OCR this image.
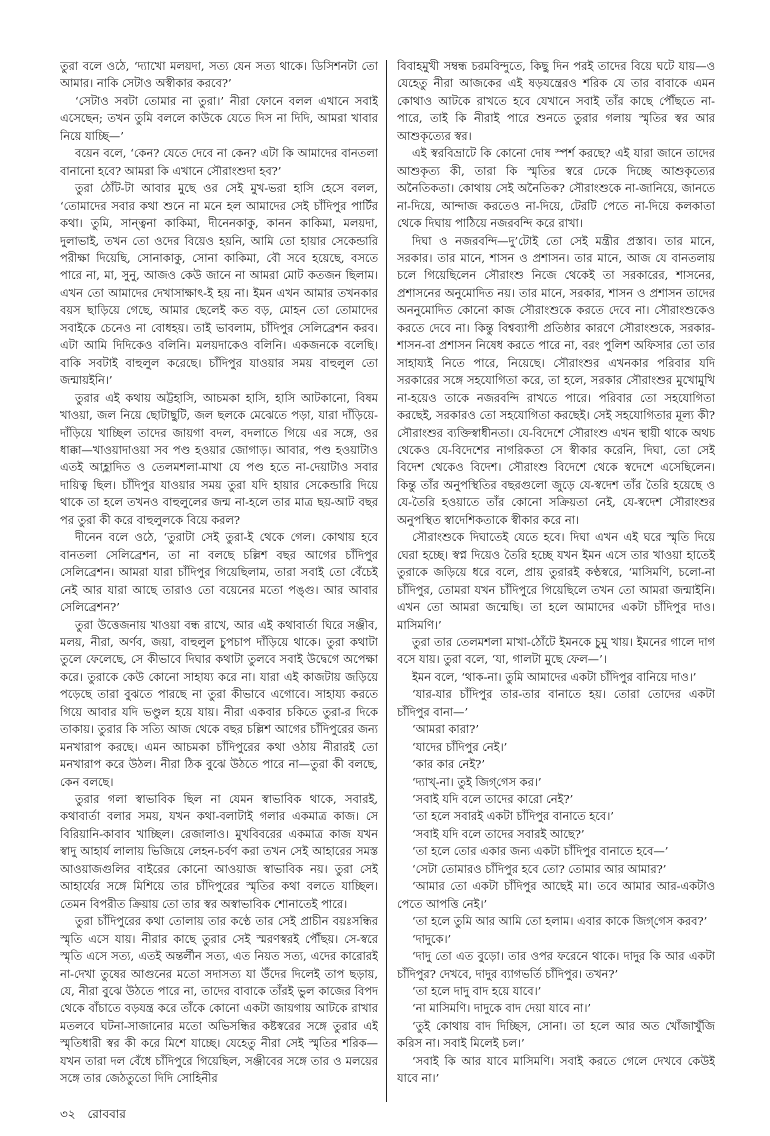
তুরা বলে ওঠে, ‘দ্যাখো মলয়দা, সত্য যেন সত্য থাকে। ডিসিশনটা তো আমার। নাকি সেটাও অস্বীকার করবে?’

‘সেটাও সবটা তোমার না তুরা।’ নীরা ফোনে বলল এখানে সবাই এসেছেন; তখন তুমি বললে কাউকে যেতে দিস না দিদি, আমরা খাবার নিয়ে যাচ্ছি—’

বয়েন বলে, ‘কেন? যেতে দেবে না কেন? এটা কি আমাদের বানতলা বানানো হবে? আমরা কি এখানে সৌরাংশুদা হব?’

তুরা ঠোঁট-টা আবার মুছে ওর সেই মুখ-ভরা হাসি হেসে বলল, ‘তোমাদের সবার কথা শুনে না মনে হল আমাদের সেই চাঁদিপুর পার্টির কথা। তুমি, সান্ত্বনা কাকিমা, দীনেনকাকু, কানন কাকিমা, মলয়দা, দুলাভাই, তখন তো ওদের বিয়েও হয়নি, আমি তো হায়ার সেকেন্ডারি পরীক্ষা দিয়েছি, সোনাকাকু, সোনা কাকিমা, বৌ সবে হয়েছে, বসতে পারে না, মা, সুনু, আজও কেউ জানে না আমরা মোট কতজন ছিলাম। এখন তো আমাদের দেখাসাক্ষাৎ-ই হয় না। ইমন এখন আমার তখনকার বয়স ছাড়িয়ে গেছে, আমার ছেলেই কত বড়, মোহন তো তোমাদের সবাইকে চেনেও না বোধহয়। তাই ভাবলাম, চাঁদিপুর সেলিব্রেশন করব। এটা আমি দিদিকেও বলিনি। মলয়দাকেও বলিনি। একজনকে বলেছি। বাকি সবটাই বাহুলুল করেছে। চাঁদিপুর যাওয়ার সময় বাহুলুল তো জন্মায়ইনি।’

তুরার এই কথায় অট্টহাসি, আচমকা হাসি, হাসি আটকানো, বিষম খাওয়া, জল নিয়ে ছোটাছুটি, জল ছলকে মেঝেতে পড়া, যারা দাঁড়িয়ে-দাঁড়িয়ে খাচ্ছিল তাদের জায়গা বদল, বদলাতে গিয়ে এর সঙ্গে, ওর ধাক্কা—খাওয়াদাওয়া সব পণ্ড হওয়ার জোগাড়। আবার, পণ্ড হওয়াটাও এতই আহ্লাদিত ও তেলমশলা-মাখা যে পণ্ড হতে না-দেয়াটাও সবার দায়িত্ব ছিল। চাঁদিপুর যাওয়ার সময় তুরা যদি হায়ার সেকেন্ডারি দিয়ে থাকে তা হলে তখনও বাহুলুলের জন্ম না-হলে তার মাত্র ছয়-আট বছর পর তুরা কী করে বাহুলুলকে বিয়ে করল?

দীনেন বলে ওঠে, ‘তুরাটা সেই তুরা-ই থেকে গেল। কোথায় হবে বানতলা সেলিব্রেশন, তা না বলছে চল্লিশ বছর আগের চাঁদিপুর সেলিব্রেশন। আমরা যারা চাঁদিপুর গিয়েছিলাম, তারা সবাই তো বেঁচেই নেই আর যারা আছে তারাও তো বয়েনের মতো পঙ্গু। আর আবার সেলিব্রেশন?’

তুরা উত্তেজনায় খাওয়া বন্ধ রাখে, আর এই কথাবার্তা ঘিরে সঞ্জীব, মলয়, নীরা, অর্ণব, জয়া, বাহুলুল চুপচাপ দাঁড়িয়ে থাকে। তুরা কথাটা তুলে ফেলেছে, সে কীভাবে দিঘার কথাটা তুলবে সবাই উদ্বেগে অপেক্ষা করে। তুরাকে কেউ কোনো সাহায্য করে না। যারা এই কাজটায় জড়িয়ে পড়েছে তারা বুঝতে পারছে না তুরা কীভাবে এগোবে। সাহায্য করতে গিয়ে আবার যদি ভণ্ডুল হয়ে যায়। নীরা একবার চকিতে তুরা-র দিকে তাকায়। তুরার কি সত্যি আজ থেকে বছর চল্লিশ আগের চাঁদিপুরের জন্য মনখারাপ করছে। এমন আচমকা চাঁদিপুরের কথা ওঠায় নীরারই তো মনখারাপ করে উঠল। নীরা ঠিক বুঝে উঠতে পারে না—তুরা কী বলছে, কেন বলছে।

তুরার গলা স্বাভাবিক ছিল না যেমন স্বাভাবিক থাকে, সবারই, কথাবার্তা বলার সময়, যখন কথা-বলাটাই গলার একমাত্র কাজ। সে বিরিয়ানি-কাবাব খাচ্ছিল। রেজালাও। মুখবিবরের একমাত্র কাজ যখন স্বাদু আহার্য লালায় ভিজিয়ে লেহন-চর্বণ করা তখন সেই আহারের সমস্ত আওয়াজগুলির বাইরের কোনো আওয়াজ স্বাভাবিক নয়। তুরা সেই আহার্যের সঙ্গে মিশিয়ে তার চাঁদিপুরের স্মৃতির কথা বলতে যাচ্ছিল। তেমন বিপরীত ক্রিয়ায় তো তার স্বর অস্বাভাবিক শোনাতেই পারে।

তুরা চাঁদিপুরের কথা তোলায় তার কণ্ঠে তার সেই প্রাচীন বয়ঃসন্ধির স্মৃতি এসে যায়। নীরার কাছে তুরার সেই স্মরণস্বরই পৌঁছয়। সে-স্বরে স্মৃতি এসে সত্য, এতই অন্তর্লীন সত্য, এত নিয়ত সত্য, এদের কারোরই না-দেখা তুষের আগুনের মতো সদাসত্য যা উঁদের দিলেই তাপ ছড়ায়, যে, নীরা বুঝে উঠতে পারে না, তাদের বাবাকে তাঁরই ভুল কাজের বিপদ থেকে বাঁচাতে বড়যন্ত্র করে তাঁকে কোনো একটা জায়গায় আটকে রাখার মতলবে ঘটনা-সাজানোর মতো অভিসন্ধির কষ্টস্বরের সঙ্গে তুরার এই স্মৃতিধারী স্বর কী করে মিশে যাচ্ছে। যেহেতু নীরা সেই স্মৃতির শরিক—যখন তারা দল বেঁধে চাঁদিপুরে গিয়েছিল, সঞ্জীবের সঙ্গে তার ও মলয়ের সঙ্গে তার জেঠতুতো দিদি সোহিনীর

বিবাহমুখী সম্বন্ধ চরমবিন্দুতে, কিছু দিন পরই তাদের বিয়ে ঘটে যায়—ও যেহেতু নীরা আজকের এই ষড়যন্ত্রেরও শরিক যে তার বাবাকে এমন কোথাও আটকে রাখতে হবে যেখানে সবাই তাঁর কাছে পৌঁছতে না-পারে, তাই কি নীরাই পারে শুনতে তুরার গলায় স্মৃতির স্বর আর আশুকৃত্যের স্বর।

এই স্বরবিভ্রাটে কি কোনো দোষ স্পর্শ করছে? এই যারা জানে তাদের আশুকৃত্য কী, তারা কি স্মৃতির স্বরে ঢেকে দিচ্ছে আশুকৃত্যের অনৈতিকতা। কোথায় সেই অনৈতিক? সৌরাংশুকে না-জানিয়ে, জানতে না-দিয়ে, আন্দাজ করতেও না-দিয়ে, টেরটি পেতে না-দিয়ে কলকাতা থেকে দিঘায় পাঠিয়ে নজরবন্দি করে রাখা।

দিঘা ও নজরবন্দি—দু’টোই তো সেই মন্ত্রীর প্রস্তাব। তার মানে, সরকার। তার মানে, শাসন ও প্রশাসন। তার মানে, আজ যে বানতলায় চলে গিয়েছিলেন সৌরাংশু নিজে থেকেই তা সরকারের, শাসনের, প্রশাসনের অনুমোদিত নয়। তার মানে, সরকার, শাসন ও প্রশাসন তাদের অননুমোদিত কোনো কাজ সৌরাংশুকে করতে দেবে না। সৌরাংশুকেও করতে দেবে না। কিন্তু বিশ্বব্যাপী প্রতিষ্ঠার কারণে সৌরাংশুকে, সরকার-শাসন-বা প্রশাসন নিষেধ করতে পারে না, বরং পুলিশ অফিসার তো তার সাহায্যই নিতে পারে, নিয়েছে। সৌরাংশুর এখনকার পরিবার যদি সরকারের সঙ্গে সহযোগিতা করে, তা হলে, সরকার সৌরাংশুর মুখোমুখি না-হয়েও তাকে নজরবন্দি রাখতে পারে। পরিবার তো সহযোগিতা করছেই, সরকারও তো সহযোগিতা করছেই। সেই সহযোগিতার মূল্য কী? সৌরাংশুর ব্যক্তিস্বাধীনতা। যে-বিদেশে সৌরাংশু এখন স্থায়ী থাকে অথচ থেকেও যে-বিদেশের নাগরিকতা সে স্বীকার করেনি, দিঘা, তো সেই বিদেশ থেকেও বিদেশ। সৌরাংশু বিদেশে থেকে স্বদেশে এসেছিলেন। কিন্তু তাঁর অনুপস্থিতির বছরগুলো জুড়ে যে-স্বদেশ তাঁর তৈরি হয়েছে ও যে-তৈরি হওয়াতে তাঁর কোনো সক্রিয়তা নেই, যে-স্বদেশ সৌরাংশুর অনুপস্থিত স্বাদেশিকতাকে স্বীকার করে না।

সৌরাংশুকে দিঘাতেই যেতে হবে। দিঘা এখন এই ঘরে স্মৃতি দিয়ে ঘেরা হচ্ছে। স্বপ্ন দিয়েও তৈরি হচ্ছে যখন ইমন এসে তার খাওয়া হাতেই তুরাকে জড়িয়ে ধরে বলে, প্রায় তুরারই কণ্ঠস্বরে, ‘মাসিমণি, চলো-না চাঁদিপুর, তোমরা যখন চাঁদিপুরে গিয়েছিলে তখন তো আমরা জন্মাইনি। এখন তো আমরা জন্মেছি। তা হলে আমাদের একটা চাঁদিপুর দাও। মাসিমণি।’

তুরা তার তেলমশলা মাখা-ঠোঁটে ইমনকে চুমু খায়। ইমনের গালে দাগ বসে যায়। তুরা বলে, ‘যা, গালটা মুছে ফেল—’।

ইমন বলে, ‘থাক-না। তুমি আমাদের একটা চাঁদিপুর বানিয়ে দাও।’

‘যার-যার চাঁদিপুর তার-তার বানাতে হয়। তোরা তোদের একটা চাঁদিপুর বানা—’

‘আমরা কারা?’

‘যাদের চাঁদিপুর নেই।’

‘কার কার নেই?’

‘দ্যাখ্-না। তুই জিগ্‌গেস কর।’

‘সবাই যদি বলে তাদের কারো নেই?’

‘তা হলে সবারই একটা চাঁদিপুর বানাতে হবে।’

‘সবাই যদি বলে তাদের সবারই আছে?’

‘তা হলে তোর একার জন্য একটা চাঁদিপুর বানাতে হবে—’

‘সেটা তোমারও চাঁদিপুর হবে তো? তোমার আর আমার?’

‘আমার তো একটা চাঁদিপুর আছেই মা। তবে আমার আর-একটাও পেতে আপত্তি নেই।’

‘তা হলে তুমি আর আমি তো হলাম। এবার কাকে জিগ্‌গেস করব?’

‘দাদুকে।’

‘দাদু তো এত বুড়ো। তার ওপর ফরেনে থাকে। দাদুর কি আর একটা চাঁদিপুর? দেখবে, দাদুর ব্যাগভর্তি চাঁদিপুর। তখন?’

‘তা হলে দাদু বাদ হয়ে যাবে।’

‘না মাসিমণি। দাদুকে বাদ দেয়া যাবে না।’

‘তুই কোথায় বাদ দিচ্ছিস, সোনা। তা হলে আর অত খোঁজাখুঁজি করিস না। সবাই মিলেই চল।’

‘সবাই কি আর যাবে মাসিমণি। সবাই করতে গেলে দেখবে কেউই যাবে না।’

৩২ রোববার
